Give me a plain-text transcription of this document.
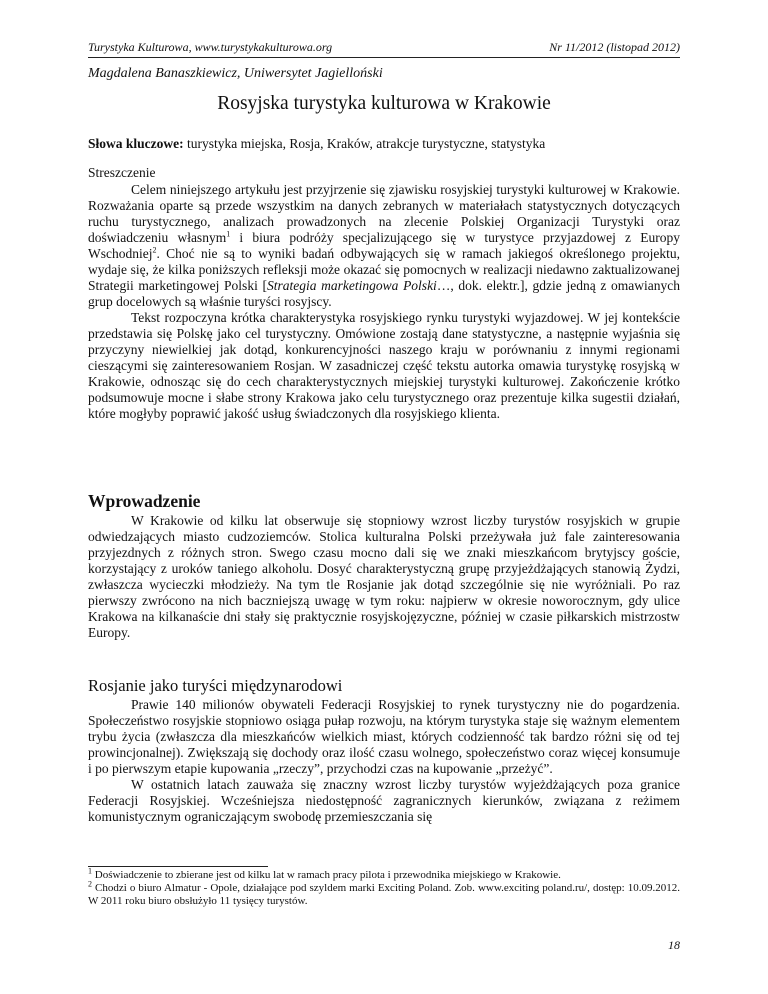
Turystyka Kulturowa, www.turystykakulturowa.org	Nr 11/2012 (listopad 2012)
Magdalena Banaszkiewicz, Uniwersytet Jagielloński
Rosyjska turystyka kulturowa w Krakowie
Słowa kluczowe: turystyka miejska, Rosja, Kraków, atrakcje turystyczne, statystyka
Streszczenie

Celem niniejszego artykułu jest przyjrzenie się zjawisku rosyjskiej turystyki kulturowej w Krakowie. Rozważania oparte są przede wszystkim na danych zebranych w materiałach statystycznych dotyczących ruchu turystycznego, analizach prowadzonych na zlecenie Polskiej Organizacji Turystyki oraz doświadczeniu własnym$^1$ i biura podróży specjalizującego się w turystyce przyjazdowej z Europy Wschodniej$^2$. Choć nie są to wyniki badań odbywających się w ramach jakiegoś określonego projektu, wydaje się, że kilka poniższych refleksji może okazać się pomocnych w realizacji niedawno zaktualizowanej Strategii marketingowej Polski [Strategia marketingowa Polski…, dok. elektr.], gdzie jedną z omawianych grup docelowych są właśnie turyści rosyjscy.

Tekst rozpoczyna krótka charakterystyka rosyjskiego rynku turystyki wyjazdowej. W jej kontekście przedstawia się Polskę jako cel turystyczny. Omówione zostają dane statystyczne, a następnie wyjaśnia się przyczyny niewielkiej jak dotąd, konkurencyjności naszego kraju w porównaniu z innymi regionami cieszącymi się zainteresowaniem Rosjan. W zasadniczej część tekstu autorka omawia turystykę rosyjską w Krakowie, odnosząc się do cech charakterystycznych miejskiej turystyki kulturowej. Zakończenie krótko podsumowuje mocne i słabe strony Krakowa jako celu turystycznego oraz prezentuje kilka sugestii działań, które mogłyby poprawić jakość usług świadczonych dla rosyjskiego klienta.

Wprowadzenie

W Krakowie od kilku lat obserwuje się stopniowy wzrost liczby turystów rosyjskich w grupie odwiedzających miasto cudzoziemców. Stolica kulturalna Polski przeżywała już fale zainteresowania przyjezdnych z różnych stron. Swego czasu mocno dali się we znaki mieszkańcom brytyjscy goście, korzystający z uroków taniego alkoholu. Dosyć charakterystyczną grupę przyjeżdżających stanowią Żydzi, zwłaszcza wycieczki młodzieży. Na tym tle Rosjanie jak dotąd szczególnie się nie wyróżniali. Po raz pierwszy zwrócono na nich baczniejszą uwagę w tym roku: najpierw w okresie noworocznym, gdy ulice Krakowa na kilkanaście dni stały się praktycznie rosyjskojęzyczne, później w czasie piłkarskich mistrzostw Europy.

Rosjanie jako turyści międzynarodowi

Prawie 140 milionów obywateli Federacji Rosyjskiej to rynek turystyczny nie do pogardzenia. Społeczeństwo rosyjskie stopniowo osiąga pułap rozwoju, na którym turystyka staje się ważnym elementem trybu życia (zwłaszcza dla mieszkańców wielkich miast, których codzienność tak bardzo różni się od tej prowincjonalnej). Zwiększają się dochody oraz ilość czasu wolnego, społeczeństwo coraz więcej konsumuje i po pierwszym etapie kupowania „rzeczy”, przychodzi czas na kupowanie „przeżyć”.

W ostatnich latach zauważa się znaczny wzrost liczby turystów wyjeżdżających poza granice Federacji Rosyjskiej. Wcześniejsza niedostępność zagranicznych kierunków, związana z reżimem komunistycznym ograniczającym swobodę przemieszczania się

$^1$ Doświadczenie to zbierane jest od kilku lat w ramach pracy pilota i przewodnika miejskiego w Krakowie.

$^2$ Chodzi o biuro Almatur - Opole, działające pod szyldem marki Exciting Poland. Zob. www.exciting poland.ru/, dostęp: 10.09.2012. W 2011 roku biuro obsłużyło 11 tysięcy turystów.

18
